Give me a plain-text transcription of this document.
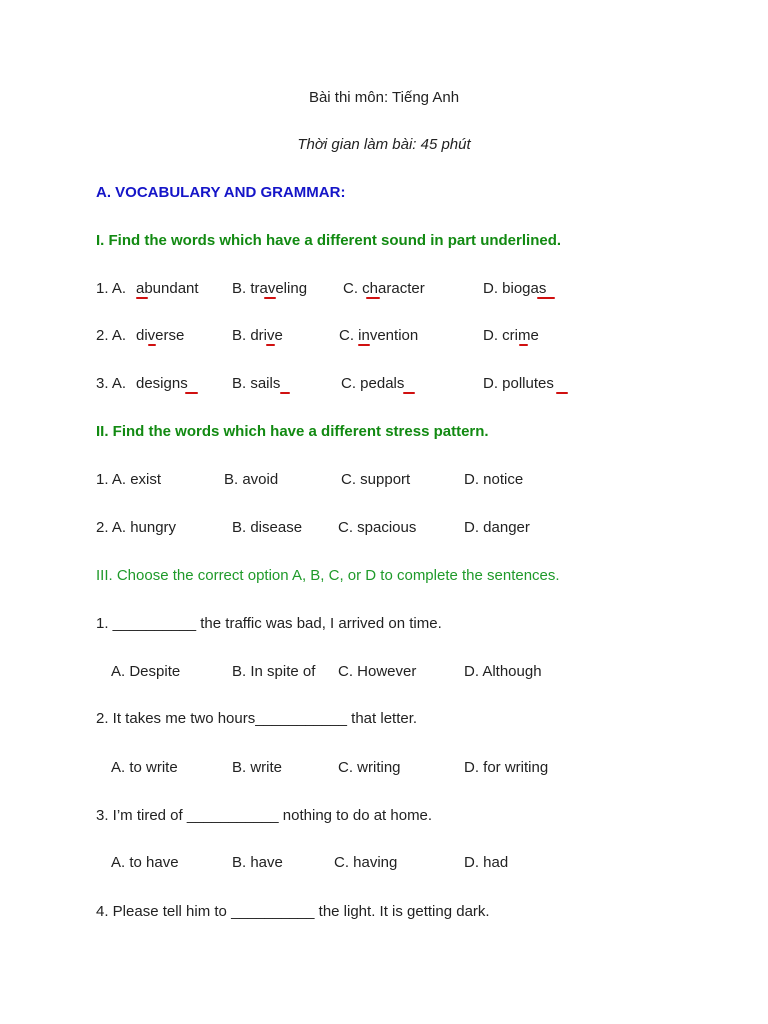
Bài thi môn: Tiếng Anh
Thời gian làm bài: 45 phút
A. VOCABULARY AND GRAMMAR:
I. Find the words which have a different sound in part underlined.
1. A. abundant B. traveling C. character	D. biogas
2. A. diverse	B. drive	C. invention	D. crime
3. A. designs	B. sails	C. pedals	D. pollutes
II. Find the words which have a different stress pattern.
1. A. exist	B. avoid	C. support	D. notice
2. A. hungry	B. disease C. spacious	D. danger
III. Choose the correct option A, B, C, or D to complete the sentences.
1. __________ the traffic was bad, I arrived on time.
A. Despite	B. In spite of C. However	D. Although
2. It takes me two hours___________ that letter.
A. to write	B. write	C. writing	D. for writing
3. I’m tired of ___________ nothing to do at home.
A. to have	B. have	C. having	D. had
4. Please tell him to __________ the light. It is getting dark.
